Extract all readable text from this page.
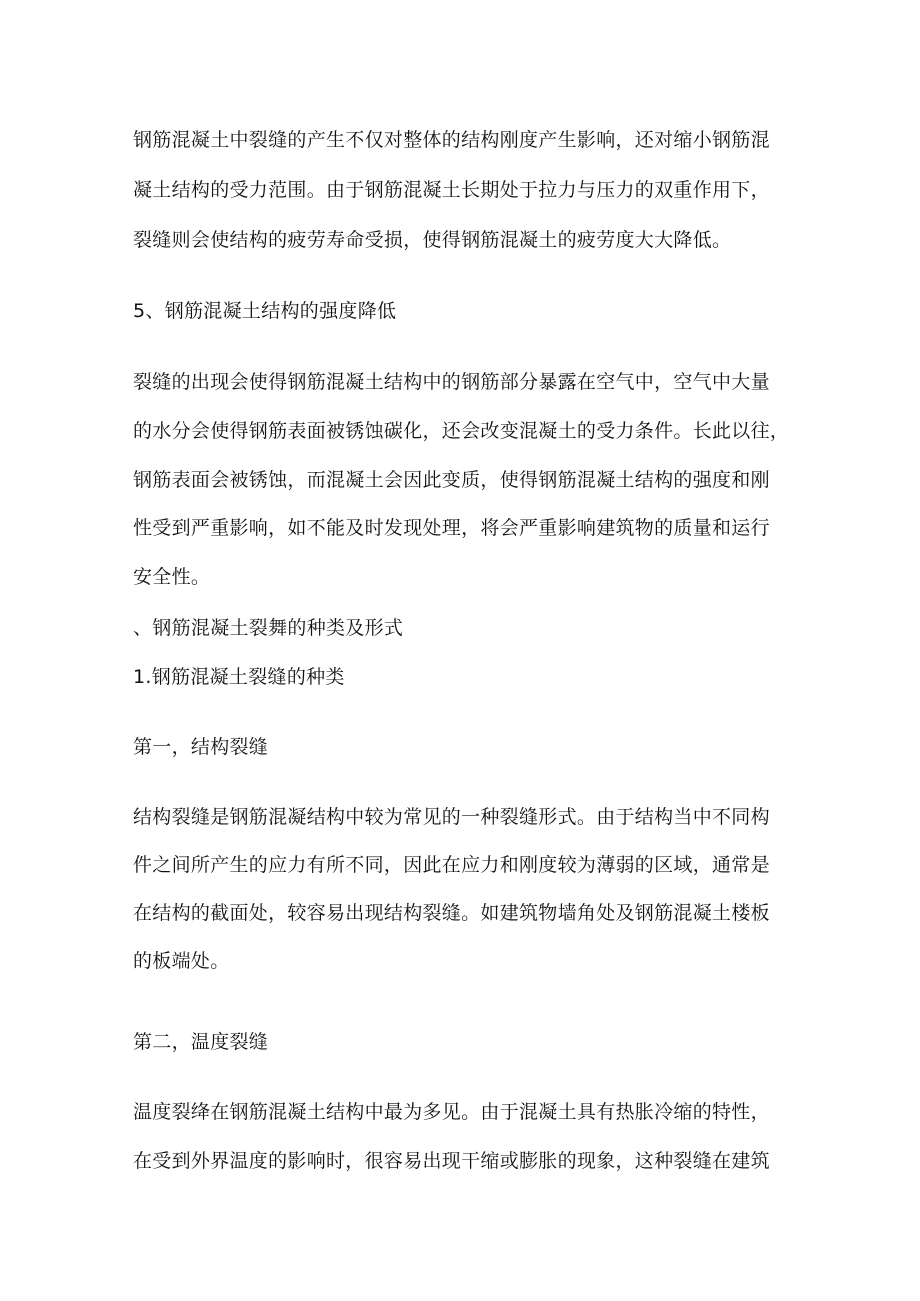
钢筋混凝土中裂缝的产生不仅对整体的结构刚度产生影响，还对缩小钢筋混
凝土结构的受力范围。由于钢筋混凝土长期处于拉力与压力的双重作用下，
裂缝则会使结构的疲劳寿命受损，使得钢筋混凝土的疲劳度大大降低。
5、钢筋混凝土结构的强度降低
裂缝的出现会使得钢筋混凝土结构中的钢筋部分暴露在空气中，空气中大量
的水分会使得钢筋表面被锈蚀碳化，还会改变混凝土的受力条件。长此以往，
钢筋表面会被锈蚀，而混凝土会因此变质，使得钢筋混凝土结构的强度和刚
性受到严重影响，如不能及时发现处理，将会严重影响建筑物的质量和运行
安全性。
、钢筋混凝土裂舞的种类及形式
1.钢筋混凝土裂缝的种类
第一，结构裂缝
结构裂缝是钢筋混凝结构中较为常见的一种裂缝形式。由于结构当中不同构
件之间所产生的应力有所不同，因此在应力和刚度较为薄弱的区域，通常是
在结构的截面处，较容易出现结构裂缝。如建筑物墙角处及钢筋混凝土楼板
的板端处。
第二，温度裂缝
温度裂绛在钢筋混凝土结构中最为多见。由于混凝土具有热胀冷缩的特性，
在受到外界温度的影响时，很容易出现干缩或膨胀的现象，这种裂缝在建筑
